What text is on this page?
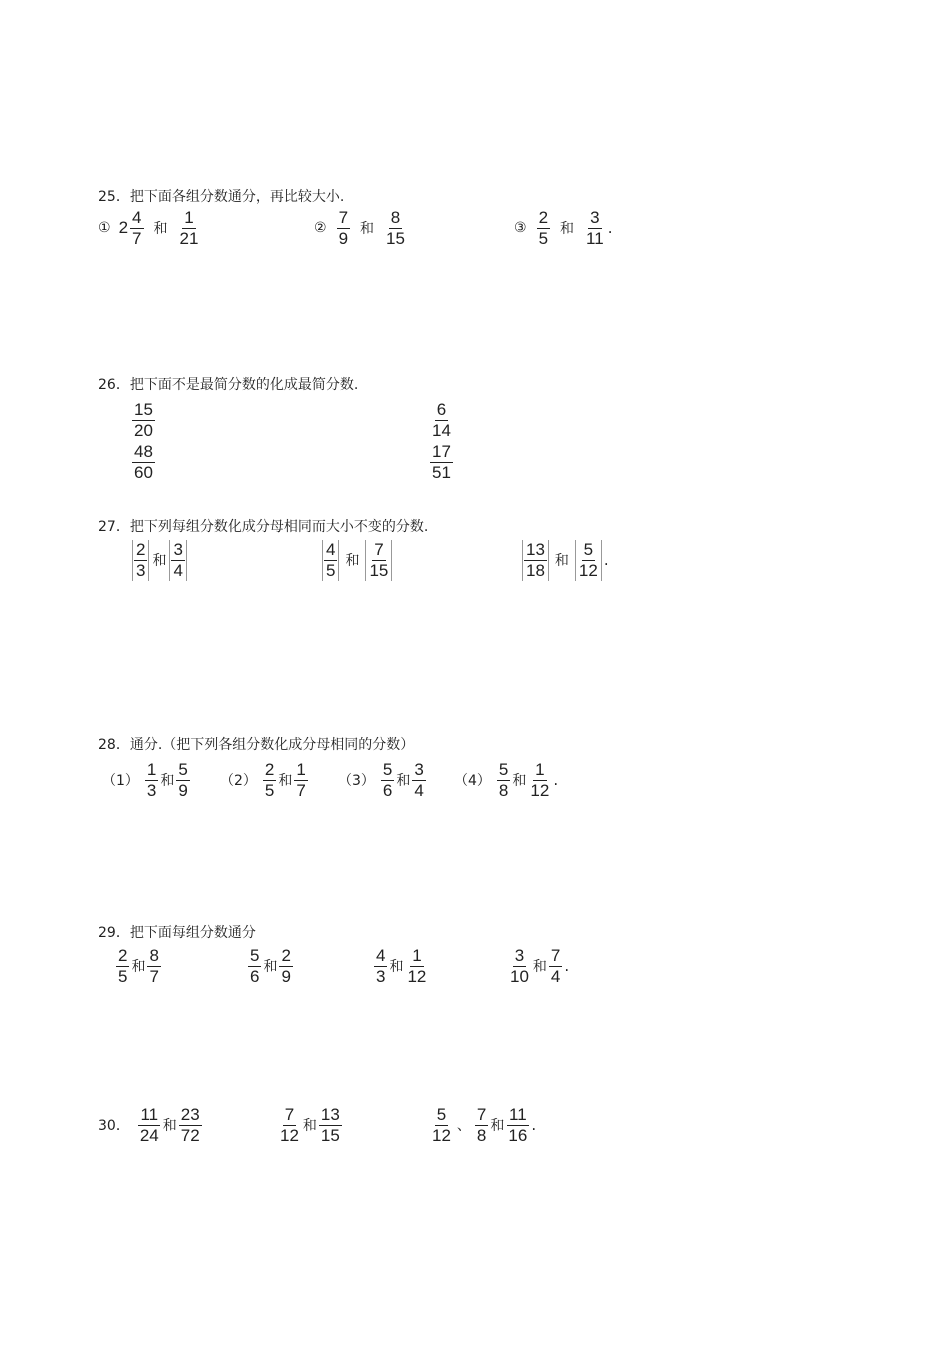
25．把下面各组分数通分，再比较大小.
① $2 \frac{4}{7}$ 和 $\frac{1}{21}$	② $\frac{7}{9}$ 和 $\frac{8}{15}$	③ $\frac{2}{5}$ 和 $\frac{3}{11}$ .
26．把下面不是最简分数的化成最简分数.
$\frac{15}{20}$	$\frac{6}{14}$
$\frac{48}{60}$	$\frac{17}{51}$
27．把下列每组分数化成分母相同而大小不变的分数.
$\frac{2}{3}$ 和 $\frac{3}{4}$	$\frac{4}{5}$ 和 $\frac{7}{15}$	$\frac{13}{18}$ 和 $\frac{5}{12}$ .
28．通分.（把下列各组分数化成分母相同的分数）
$(1) \frac{1}{3}$ 和 $\frac{5}{9} (2) \frac{2}{5}$ 和 $\frac{1}{7} (3) \frac{5}{6}$ 和 $\frac{3}{4} (4) \frac{5}{8}$ 和 $\frac{1}{12}$ .
29．把下面每组分数通分
$\frac{2}{5}$ 和 $\frac{8}{7}$	$\frac{5}{6}$ 和 $\frac{2}{9}$	$\frac{4}{3}$ 和 $\frac{1}{12}$	$\frac{3}{10}$ 和 $\frac{7}{4}$ .
30． $\frac{11}{24}$ 和 $\frac{23}{72}$	$\frac{7}{12}$ 和 $\frac{13}{15}$	$\frac{5}{12}$ 、 $\frac{7}{8}$ 和 $\frac{11}{16}$ .
